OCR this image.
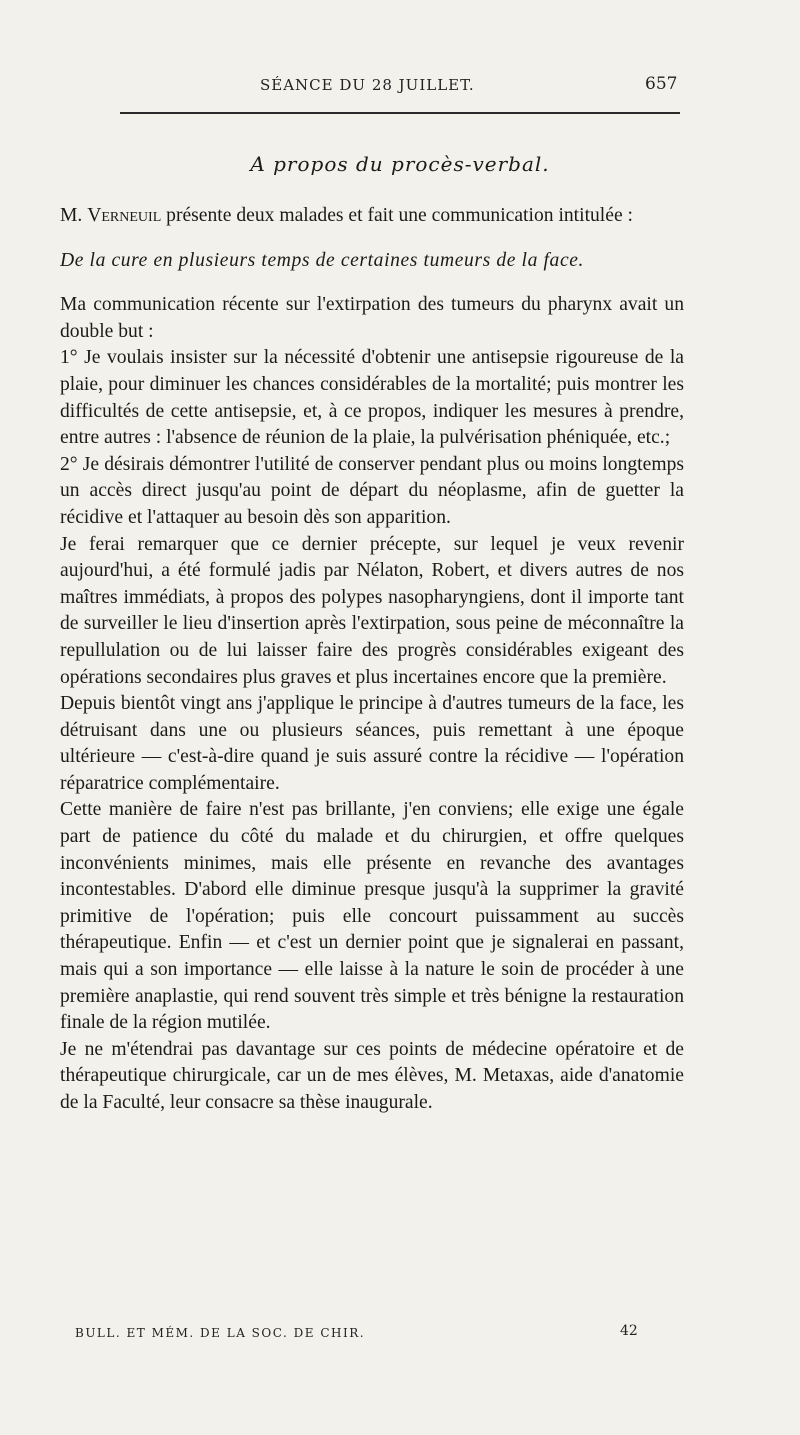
SÉANCE DU 28 JUILLET.	657
A propos du procès-verbal.

M. Verneuil présente deux malades et fait une communication intitulée :

De la cure en plusieurs temps de certaines tumeurs de la face.

Ma communication récente sur l'extirpation des tumeurs du pharynx avait un double but :

1° Je voulais insister sur la nécessité d'obtenir une antisepsie rigoureuse de la plaie, pour diminuer les chances considérables de la mortalité; puis montrer les difficultés de cette antisepsie, et, à ce propos, indiquer les mesures à prendre, entre autres : l'absence de réunion de la plaie, la pulvérisation phéniquée, etc.;

2° Je désirais démontrer l'utilité de conserver pendant plus ou moins longtemps un accès direct jusqu'au point de départ du néoplasme, afin de guetter la récidive et l'attaquer au besoin dès son apparition.

Je ferai remarquer que ce dernier précepte, sur lequel je veux revenir aujourd'hui, a été formulé jadis par Nélaton, Robert, et divers autres de nos maîtres immédiats, à propos des polypes nasopharyngiens, dont il importe tant de surveiller le lieu d'insertion après l'extirpation, sous peine de méconnaître la repullulation ou de lui laisser faire des progrès considérables exigeant des opérations secondaires plus graves et plus incertaines encore que la première.

Depuis bientôt vingt ans j'applique le principe à d'autres tumeurs de la face, les détruisant dans une ou plusieurs séances, puis remettant à une époque ultérieure — c'est-à-dire quand je suis assuré contre la récidive — l'opération réparatrice complémentaire.

Cette manière de faire n'est pas brillante, j'en conviens; elle exige une égale part de patience du côté du malade et du chirurgien, et offre quelques inconvénients minimes, mais elle présente en revanche des avantages incontestables. D'abord elle diminue presque jusqu'à la supprimer la gravité primitive de l'opération; puis elle concourt puissamment au succès thérapeutique. Enfin — et c'est un dernier point que je signalerai en passant, mais qui a son importance — elle laisse à la nature le soin de procéder à une première anaplastie, qui rend souvent très simple et très bénigne la restauration finale de la région mutilée.

Je ne m'étendrai pas davantage sur ces points de médecine opératoire et de thérapeutique chirurgicale, car un de mes élèves, M. Metaxas, aide d'anatomie de la Faculté, leur consacre sa thèse inaugurale.

BULL. ET MÉM. DE LA SOC. DE CHIR.	42
